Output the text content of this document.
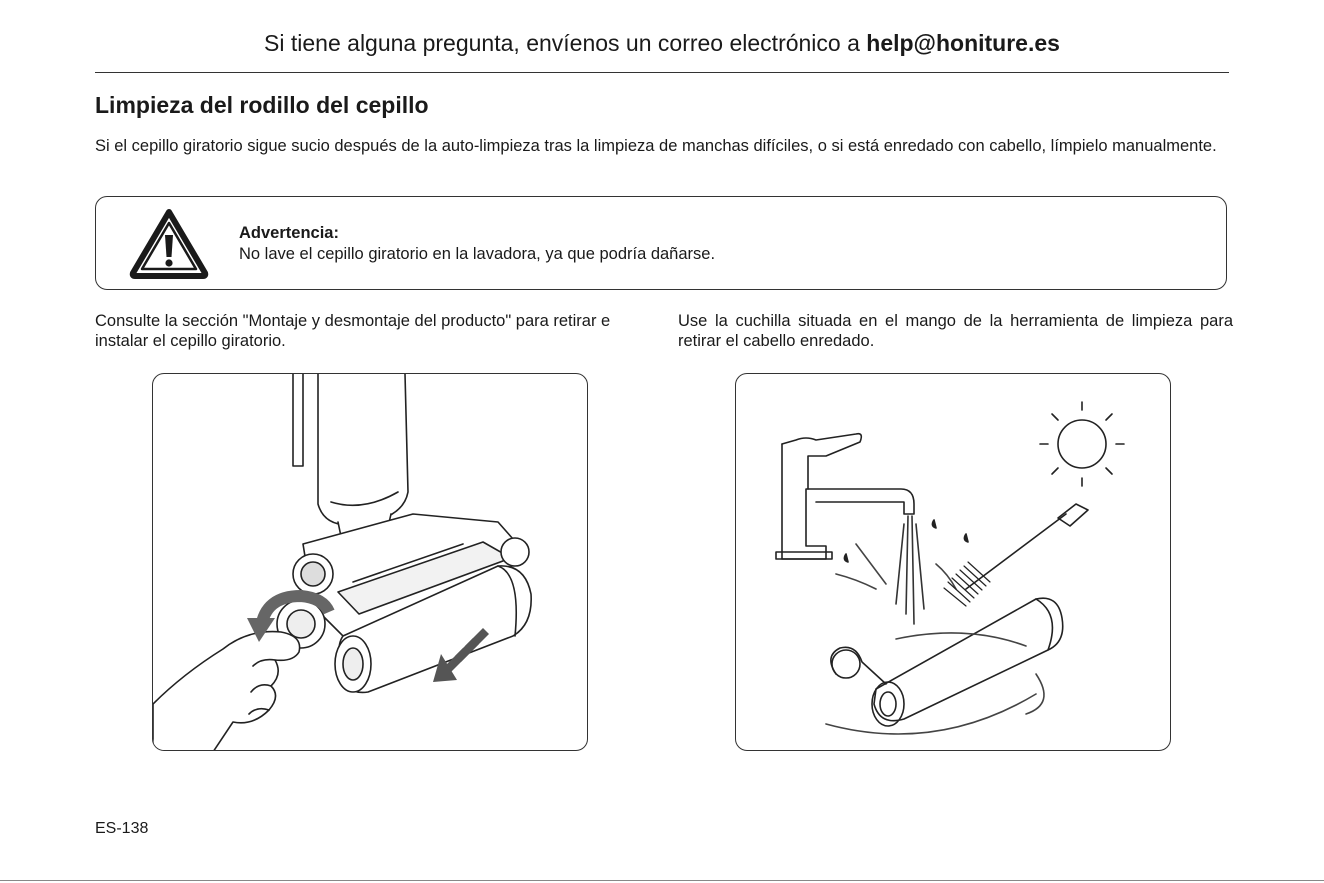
Si tiene alguna pregunta, envíenos un correo electrónico a help@honiture.es
Limpieza del rodillo del cepillo

Si el cepillo giratorio sigue sucio después de la auto-limpieza tras la limpieza de manchas difíciles, o si está enredado con cabello, límpielo manualmente.

Advertencia:
No lave el cepillo giratorio en la lavadora, ya que podría dañarse.

Consulte la sección "Montaje y desmontaje del producto" para retirar e instalar el cepillo giratorio.

Use la cuchilla situada en el mango de la herramienta de limpieza para retirar el cabello enredado.

ES-138
